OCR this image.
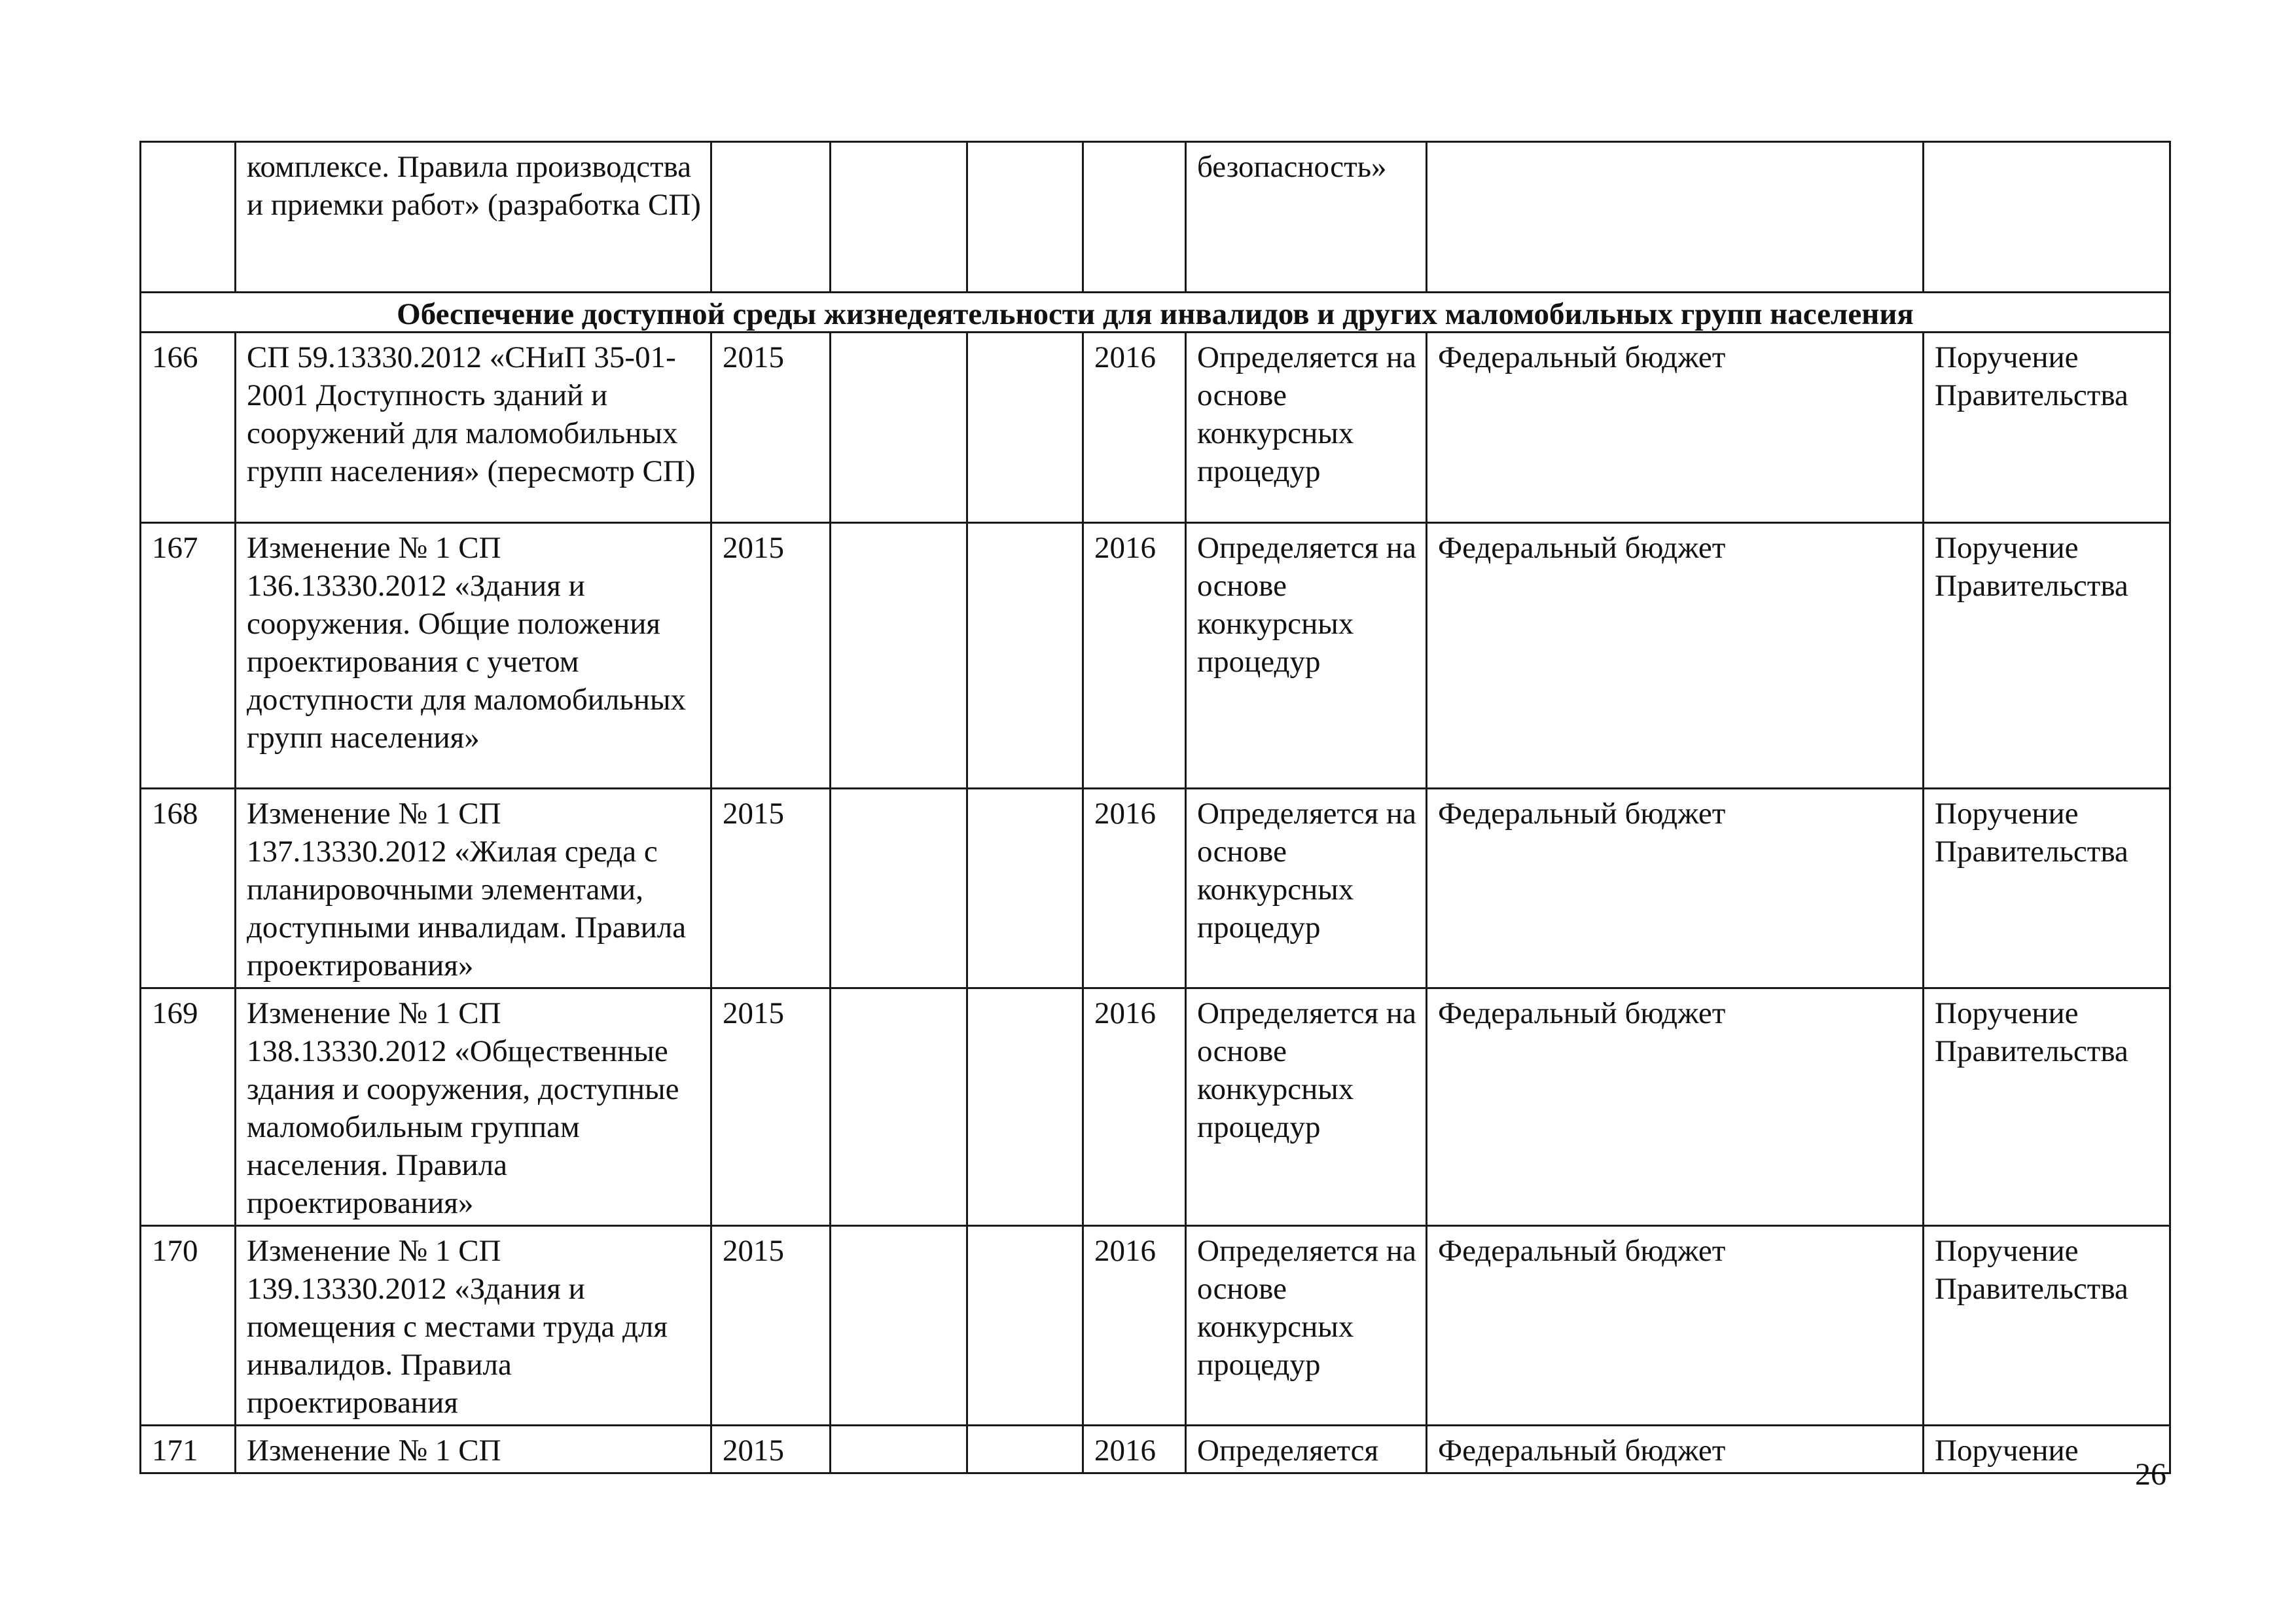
	комплексе. Правила производства и приемки работ» (разработка СП)					безопасность»		
Обеспечение доступной среды жизнедеятельности для инвалидов и других маломобильных групп населения								
166	СП 59.13330.2012 «СНиП 35-01-2001 Доступность зданий и сооружений для маломобильных групп населения» (пересмотр СП)	2015			2016	Определяется на основе конкурсных процедур	Федеральный бюджет	Поручение Правительства
167	Изменение № 1 СП 136.13330.2012 «Здания и сооружения. Общие положения проектирования с учетом доступности для маломобильных групп населения»	2015			2016	Определяется на основе конкурсных процедур	Федеральный бюджет	Поручение Правительства
168	Изменение № 1 СП 137.13330.2012 «Жилая среда с планировочными элементами, доступными инвалидам. Правила проектирования»	2015			2016	Определяется на основе конкурсных процедур	Федеральный бюджет	Поручение Правительства
169	Изменение № 1 СП 138.13330.2012 «Общественные здания и сооружения, доступные маломобильным группам населения. Правила проектирования»	2015			2016	Определяется на основе конкурсных процедур	Федеральный бюджет	Поручение Правительства
170	Изменение № 1 СП 139.13330.2012 «Здания и помещения с местами труда для инвалидов. Правила проектирования	2015			2016	Определяется на основе конкурсных процедур	Федеральный бюджет	Поручение Правительства
171	Изменение № 1 СП	2015			2016	Определяется	Федеральный бюджет	Поручение
26
